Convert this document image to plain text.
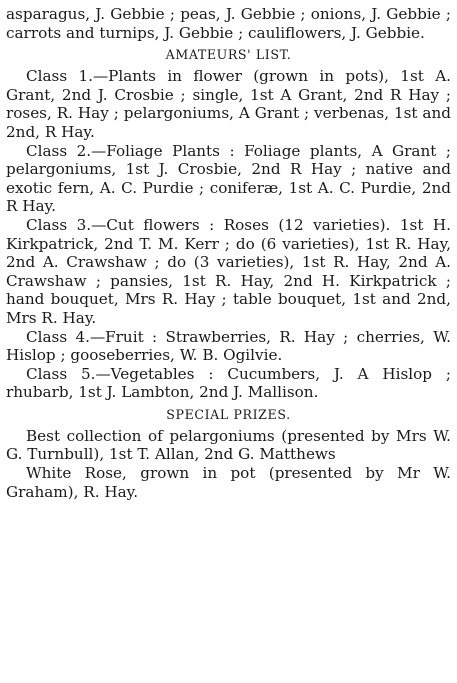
asparagus, J. Gebbie ; peas, J. Gebbie ; onions, J. Gebbie ; carrots and turnips, J. Gebbie ; cauliflowers, J. Gebbie.

AMATEURS' LIST.

Class 1.—Plants in flower (grown in pots), 1st A. Grant, 2nd J. Crosbie ; single, 1st A Grant, 2nd R Hay ; roses, R. Hay ; pelargoniums, A Grant ; verbenas, 1st and 2nd, R Hay.

Class 2.—Foliage Plants : Foliage plants, A Grant ; pelargoniums, 1st J. Crosbie, 2nd R Hay ; native and exotic fern, A. C. Purdie ; coniferæ, 1st A. C. Purdie, 2nd R Hay.

Class 3.—Cut flowers : Roses (12 varieties). 1st H. Kirkpatrick, 2nd T. M. Kerr ; do (6 varieties), 1st R. Hay, 2nd A. Crawshaw ; do (3 varieties), 1st R. Hay, 2nd A. Crawshaw ; pansies, 1st R. Hay, 2nd H. Kirkpatrick ; hand bouquet, Mrs R. Hay ; table bouquet, 1st and 2nd, Mrs R. Hay.

Class 4.—Fruit : Strawberries, R. Hay ; cherries, W. Hislop ; gooseberries, W. B. Ogilvie.

Class 5.—Vegetables : Cucumbers, J. A Hislop ; rhubarb, 1st J. Lambton, 2nd J. Mallison.

SPECIAL PRIZES.

Best collection of pelargoniums (presented by Mrs W. G. Turnbull), 1st T. Allan, 2nd G. Matthews

White Rose, grown in pot (presented by Mr W. Graham), R. Hay.
